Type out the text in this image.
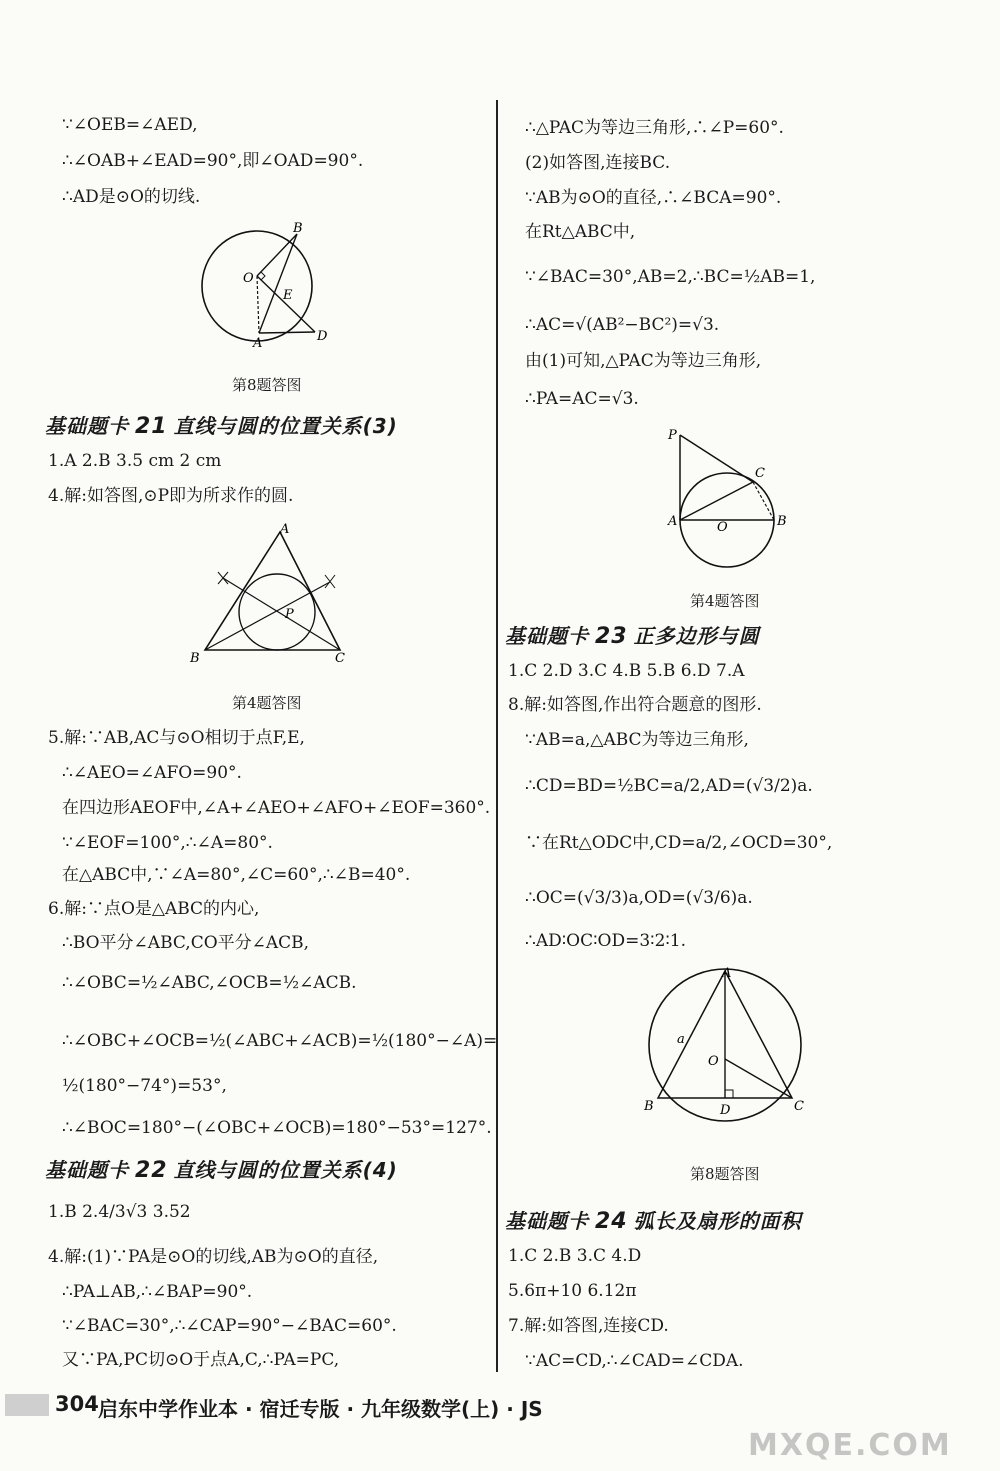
∵∠OEB=∠AED,
∴∠OAB+∠EAD=90°,即∠OAD=90°.
∴AD是⊙O的切线.
B
O
E
A	D
第8题答图
基础题卡 21 直线与圆的位置关系(3)
1.A 2.B 3.5 cm 2 cm
4.解:如答图,⊙P即为所求作的圆.
A
B	C
P
第4题答图
5.解:∵AB,AC与⊙O相切于点F,E,
∴∠AEO=∠AFO=90°.
在四边形AEOF中,∠A+∠AEO+∠AFO+∠EOF=360°.
∵∠EOF=100°,∴∠A=80°.
在△ABC中,∵∠A=80°,∠C=60°,∴∠B=40°.
6.解:∵点O是△ABC的内心,
∴BO平分∠ABC,CO平分∠ACB,
∴∠OBC=½∠ABC,∠OCB=½∠ACB.
∴∠OBC+∠OCB=½(∠ABC+∠ACB)=½(180°−∠A)=
½(180°−74°)=53°,
∴∠BOC=180°−(∠OBC+∠OCB)=180°−53°=127°.
基础题卡 22 直线与圆的位置关系(4)
1.B 2.4/3√3 3.52
4.解:(1)∵PA是⊙O的切线,AB为⊙O的直径,
∴PA⊥AB,∴∠BAP=90°.
∵∠BAC=30°,∴∠CAP=90°−∠BAC=60°.
又∵PA,PC切⊙O于点A,C,∴PA=PC,
∴△PAC为等边三角形,∴∠P=60°.
(2)如答图,连接BC.
∵AB为⊙O的直径,∴∠BCA=90°.
在Rt△ABC中,
∵∠BAC=30°,AB=2,∴BC=½AB=1,
∴AC=√(AB²−BC²)=√3.
由(1)可知,△PAC为等边三角形,
∴PA=AC=√3.
P
C
A	O	B
第4题答图
基础题卡 23 正多边形与圆
1.C 2.D 3.C 4.B 5.B 6.D 7.A
8.解:如答图,作出符合题意的图形.
∵AB=a,△ABC为等边三角形,
∴CD=BD=½BC=a/2,AD=(√3/2)a.
∵在Rt△ODC中,CD=a/2,∠OCD=30°,
∴OC=(√3/3)a,OD=(√3/6)a.
∴AD∶OC∶OD=3∶2∶1.
A
a
O
B	D	C
第8题答图
基础题卡 24 弧长及扇形的面积
1.C 2.B 3.C 4.D
5.6π+10 6.12π
7.解:如答图,连接CD.
∵AC=CD,∴∠CAD=∠CDA.
304 启东中学作业本 · 宿迁专版 · 九年级数学(上) · JS
MXQE.COM
